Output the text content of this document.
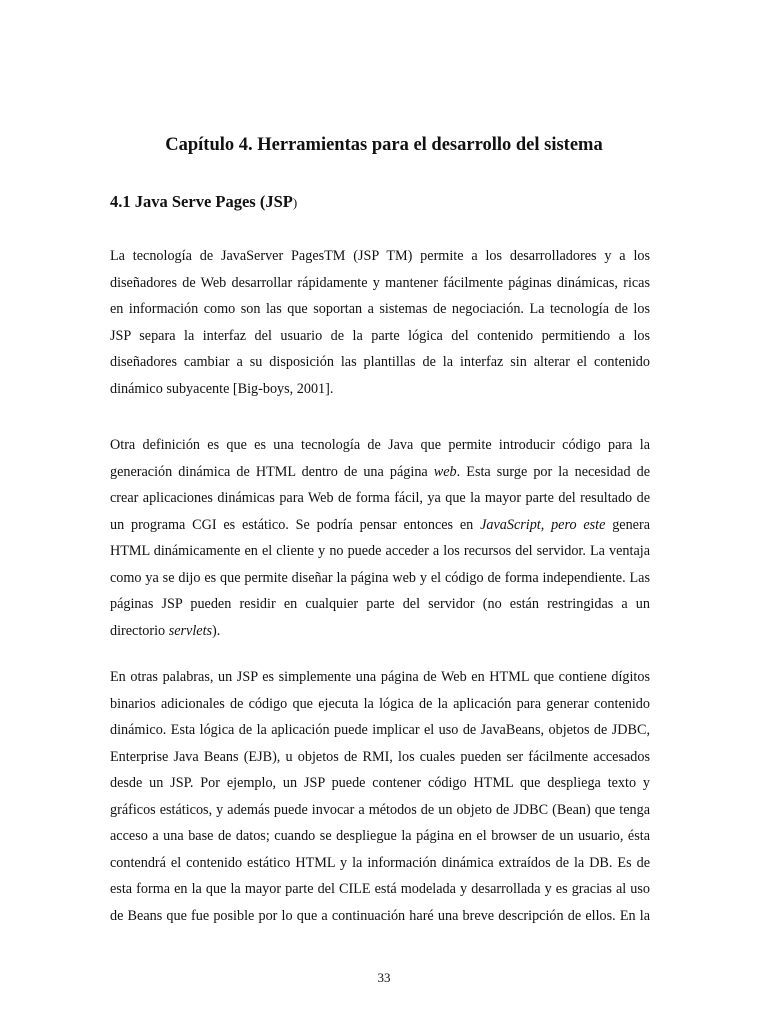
Capítulo 4. Herramientas para el desarrollo del sistema
4.1 Java Serve Pages (JSP)
La tecnología de JavaServer PagesTM (JSP TM) permite a los desarrolladores y a los
diseñadores de Web desarrollar rápidamente y mantener fácilmente páginas dinámicas, ricas
en información como son las que soportan a sistemas de negociación. La tecnología de los
JSP separa la interfaz del usuario de la parte lógica del contenido permitiendo a los
diseñadores cambiar a su disposición las plantillas de la interfaz sin alterar el contenido
dinámico subyacente [Big-boys, 2001].
Otra definición es que es una tecnología de Java que permite introducir código para la
generación dinámica de HTML dentro de una página web. Esta surge por la necesidad de
crear aplicaciones dinámicas para Web de forma fácil, ya que la mayor parte del resultado de
un programa CGI es estático. Se podría pensar entonces en JavaScript, pero este genera
HTML dinámicamente en el cliente y no puede acceder a los recursos del servidor. La ventaja
como ya se dijo es que permite diseñar la página web y el código de forma independiente. Las
páginas JSP pueden residir en cualquier parte del servidor (no están restringidas a un
directorio servlets).
En otras palabras, un JSP es simplemente una página de Web en HTML que contiene dígitos
binarios adicionales de código que ejecuta la lógica de la aplicación para generar contenido
dinámico. Esta lógica de la aplicación puede implicar el uso de JavaBeans, objetos de JDBC,
Enterprise Java Beans (EJB), u objetos de RMI, los cuales pueden ser fácilmente accesados
desde un JSP. Por ejemplo, un JSP puede contener código HTML que despliega texto y
gráficos estáticos, y además puede invocar a métodos de un objeto de JDBC (Bean) que tenga
acceso a una base de datos; cuando se despliegue la página en el browser de un usuario, ésta
contendrá el contenido estático HTML y la información dinámica extraídos de la DB. Es de
esta forma en la que la mayor parte del CILE está modelada y desarrollada y es gracias al uso
de Beans que fue posible por lo que a continuación haré una breve descripción de ellos. En la
33
